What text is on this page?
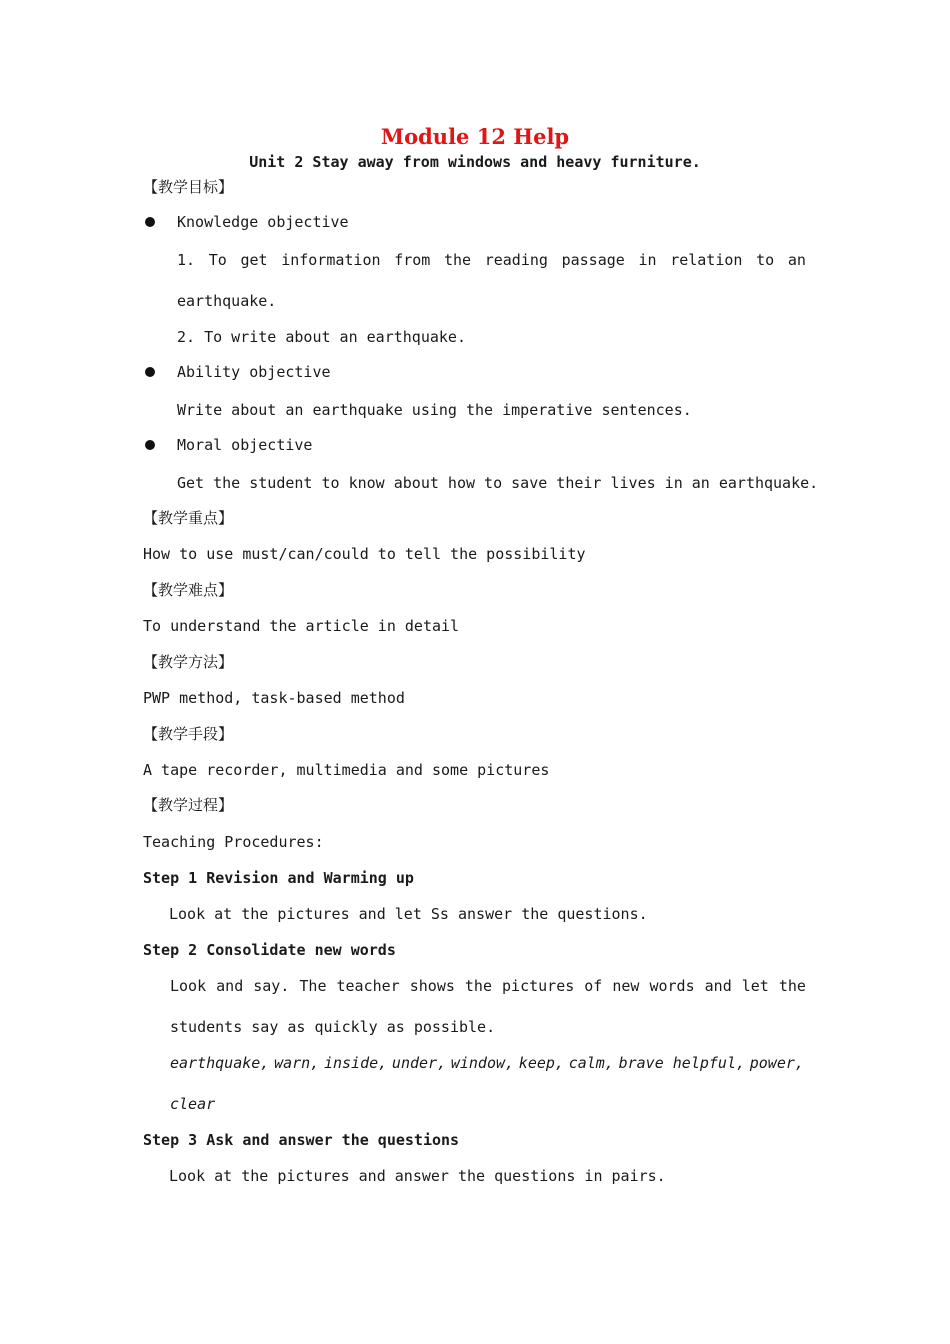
Module 12 Help

Unit 2 Stay away from windows and heavy furniture.

【教学目标】

Knowledge objective

1. To get information from the reading passage in relation to an

earthquake.

2. To write about an earthquake.

Ability objective

Write about an earthquake using the imperative sentences.

Moral objective

Get the student to know about how to save their lives in an earthquake.

【教学重点】

How to use must/can/could to tell the possibility

【教学难点】

To understand the article in detail

【教学方法】

PWP method, task-based method

【教学手段】

A tape recorder, multimedia and some pictures

【教学过程】

Teaching Procedures:

Step 1 Revision and Warming up

Look at the pictures and let Ss answer the questions.

Step 2 Consolidate new words

Look and say. The teacher shows the pictures of new words and let the

students say as quickly as possible.

earthquake, warn, inside, under, window, keep, calm, brave helpful, power,

clear

Step 3 Ask and answer the questions

Look at the pictures and answer the questions in pairs.
